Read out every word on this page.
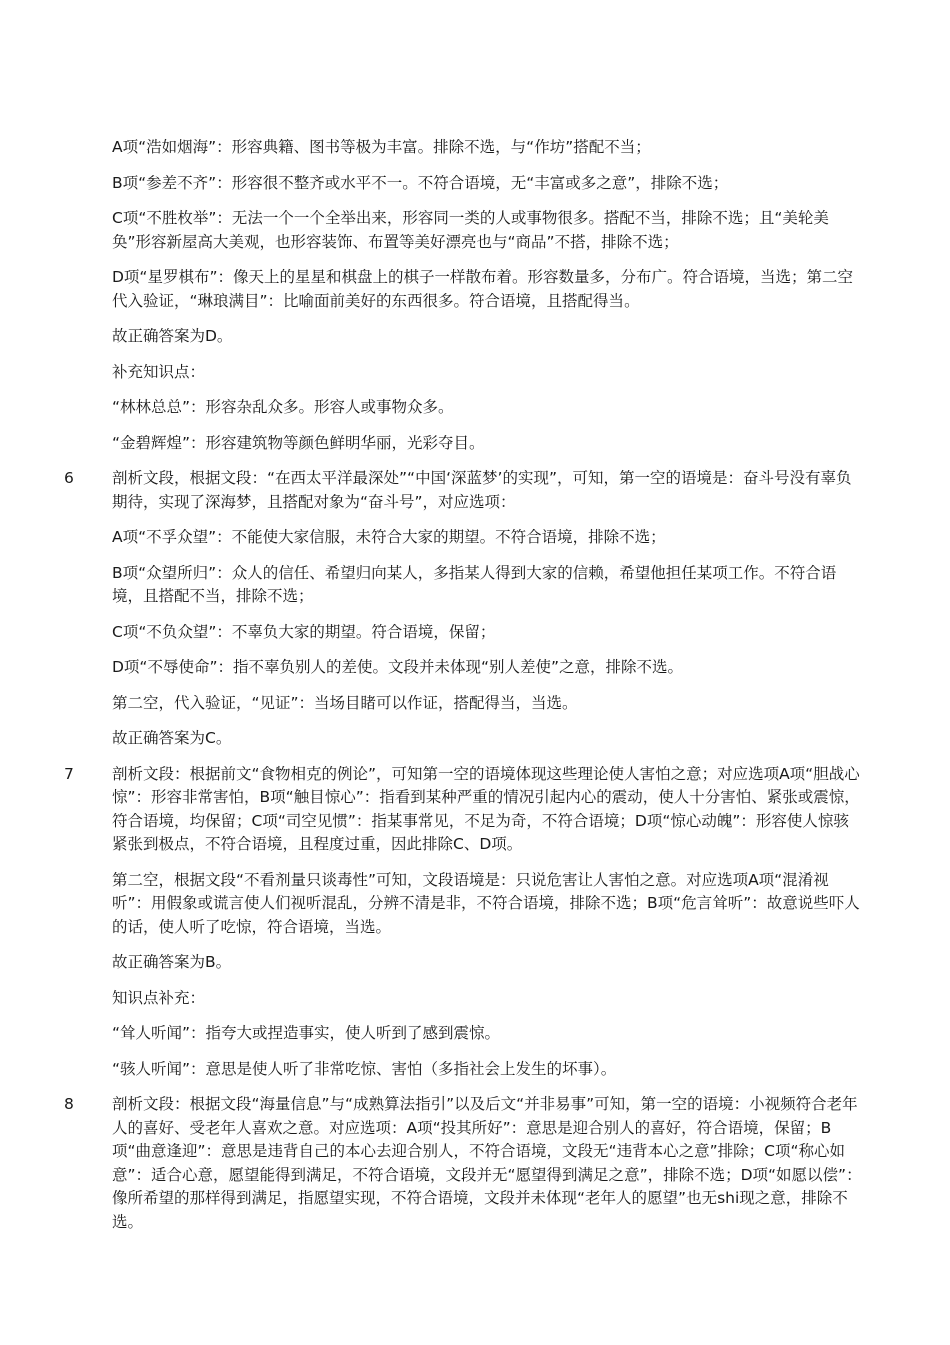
A项“浩如烟海”：形容典籍、图书等极为丰富。排除不选，与“作坊”搭配不当；
B项“参差不齐”：形容很不整齐或水平不一。不符合语境，无“丰富或多之意”，排除不选；
C项“不胜枚举”：无法一个一个全举出来，形容同一类的人或事物很多。搭配不当，排除不选；且“美轮美奂”形容新屋高大美观，也形容装饰、布置等美好漂亮也与“商品”不搭，排除不选；
D项“星罗棋布”：像天上的星星和棋盘上的棋子一样散布着。形容数量多，分布广。符合语境，当选；第二空代入验证，“琳琅满目”：比喻面前美好的东西很多。符合语境，且搭配得当。
故正确答案为D。
补充知识点：
“林林总总”：形容杂乱众多。形容人或事物众多。
“金碧辉煌”：形容建筑物等颜色鲜明华丽，光彩夺目。
6	剖析文段，根据文段：“在西太平洋最深处”“中国‘深蓝梦’的实现”，可知，第一空的语境是：奋斗号没有辜负期待，实现了深海梦，且搭配对象为“奋斗号”，对应选项：
A项“不孚众望”：不能使大家信服，未符合大家的期望。不符合语境，排除不选；
B项“众望所归”：众人的信任、希望归向某人，多指某人得到大家的信赖，希望他担任某项工作。不符合语境，且搭配不当，排除不选；
C项“不负众望”：不辜负大家的期望。符合语境，保留；
D项“不辱使命”：指不辜负别人的差使。文段并未体现“别人差使”之意，排除不选。
第二空，代入验证，“见证”：当场目睹可以作证，搭配得当，当选。
故正确答案为C。
7	剖析文段：根据前文“食物相克的例论”，可知第一空的语境体现这些理论使人害怕之意；对应选项A项“胆战心惊”：形容非常害怕，B项“触目惊心”：指看到某种严重的情况引起内心的震动，使人十分害怕、紧张或震惊，符合语境，均保留；C项“司空见惯”：指某事常见，不足为奇，不符合语境；D项“惊心动魄”：形容使人惊骇紧张到极点，不符合语境，且程度过重，因此排除C、D项。
第二空，根据文段“不看剂量只谈毒性”可知，文段语境是：只说危害让人害怕之意。对应选项A项“混淆视听”：用假象或谎言使人们视听混乱，分辨不清是非，不符合语境，排除不选；B项“危言耸听”：故意说些吓人的话，使人听了吃惊，符合语境，当选。
故正确答案为B。
知识点补充：
“耸人听闻”：指夸大或捏造事实，使人听到了感到震惊。
“骇人听闻”：意思是使人听了非常吃惊、害怕（多指社会上发生的坏事）。
8	剖析文段：根据文段“海量信息”与“成熟算法指引”以及后文“并非易事”可知，第一空的语境：小视频符合老年人的喜好、受老年人喜欢之意。对应选项：A项“投其所好”：意思是迎合别人的喜好，符合语境，保留；B项“曲意逢迎”：意思是违背自己的本心去迎合别人，不符合语境，文段无“违背本心之意”排除；C项“称心如意”：适合心意，愿望能得到满足，不符合语境，文段并无“愿望得到满足之意”，排除不选；D项“如愿以偿”：像所希望的那样得到满足，指愿望实现，不符合语境，文段并未体现“老年人的愿望”也无shi现之意，排除不选。
